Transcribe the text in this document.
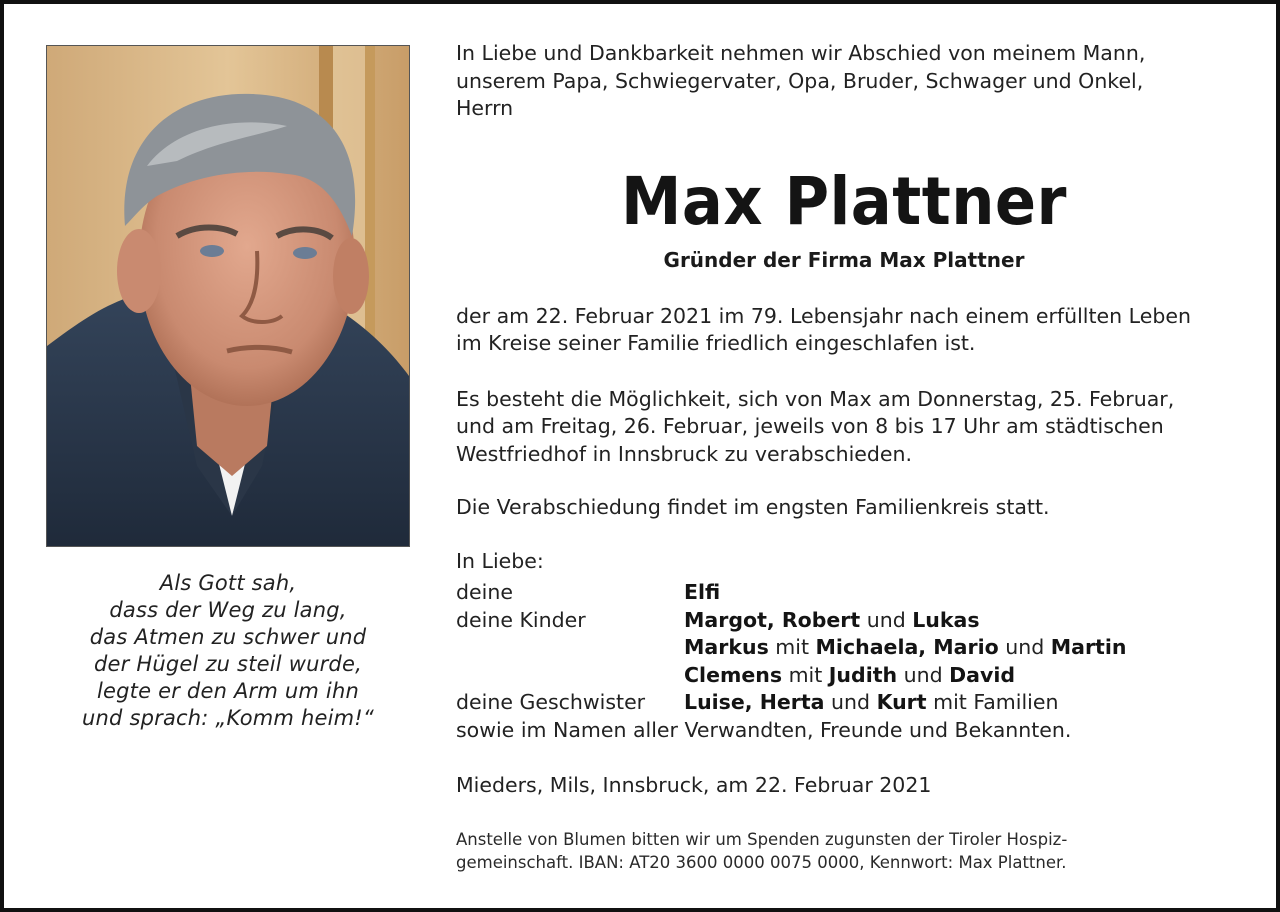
Als Gott sah,
dass der Weg zu lang,
das Atmen zu schwer und
der Hügel zu steil wurde,
legte er den Arm um ihn
und sprach: „Komm heim!“
In Liebe und Dankbarkeit nehmen wir Abschied von meinem Mann,
unserem Papa, Schwiegervater, Opa, Bruder, Schwager und Onkel,
Herrn
Max Plattner
Gründer der Firma Max Plattner
der am 22. Februar 2021 im 79. Lebensjahr nach einem erfüllten Leben
im Kreise seiner Familie friedlich eingeschlafen ist.
Es besteht die Möglichkeit, sich von Max am Donnerstag, 25. Februar,
und am Freitag, 26. Februar, jeweils von 8 bis 17 Uhr am städtischen
Westfriedhof in Innsbruck zu verabschieden.
Die Verabschiedung findet im engsten Familienkreis statt.
In Liebe:
deine	Elfi
deine Kinder	Margot, Robert und Lukas
Markus mit Michaela, Mario und Martin
Clemens mit Judith und David
deine Geschwister	Luise, Herta und Kurt mit Familien
sowie im Namen aller Verwandten, Freunde und Bekannten.
Mieders, Mils, Innsbruck, am 22. Februar 2021
Anstelle von Blumen bitten wir um Spenden zugunsten der Tiroler Hospiz-
gemeinschaft. IBAN: AT20 3600 0000 0075 0000, Kennwort: Max Plattner.
